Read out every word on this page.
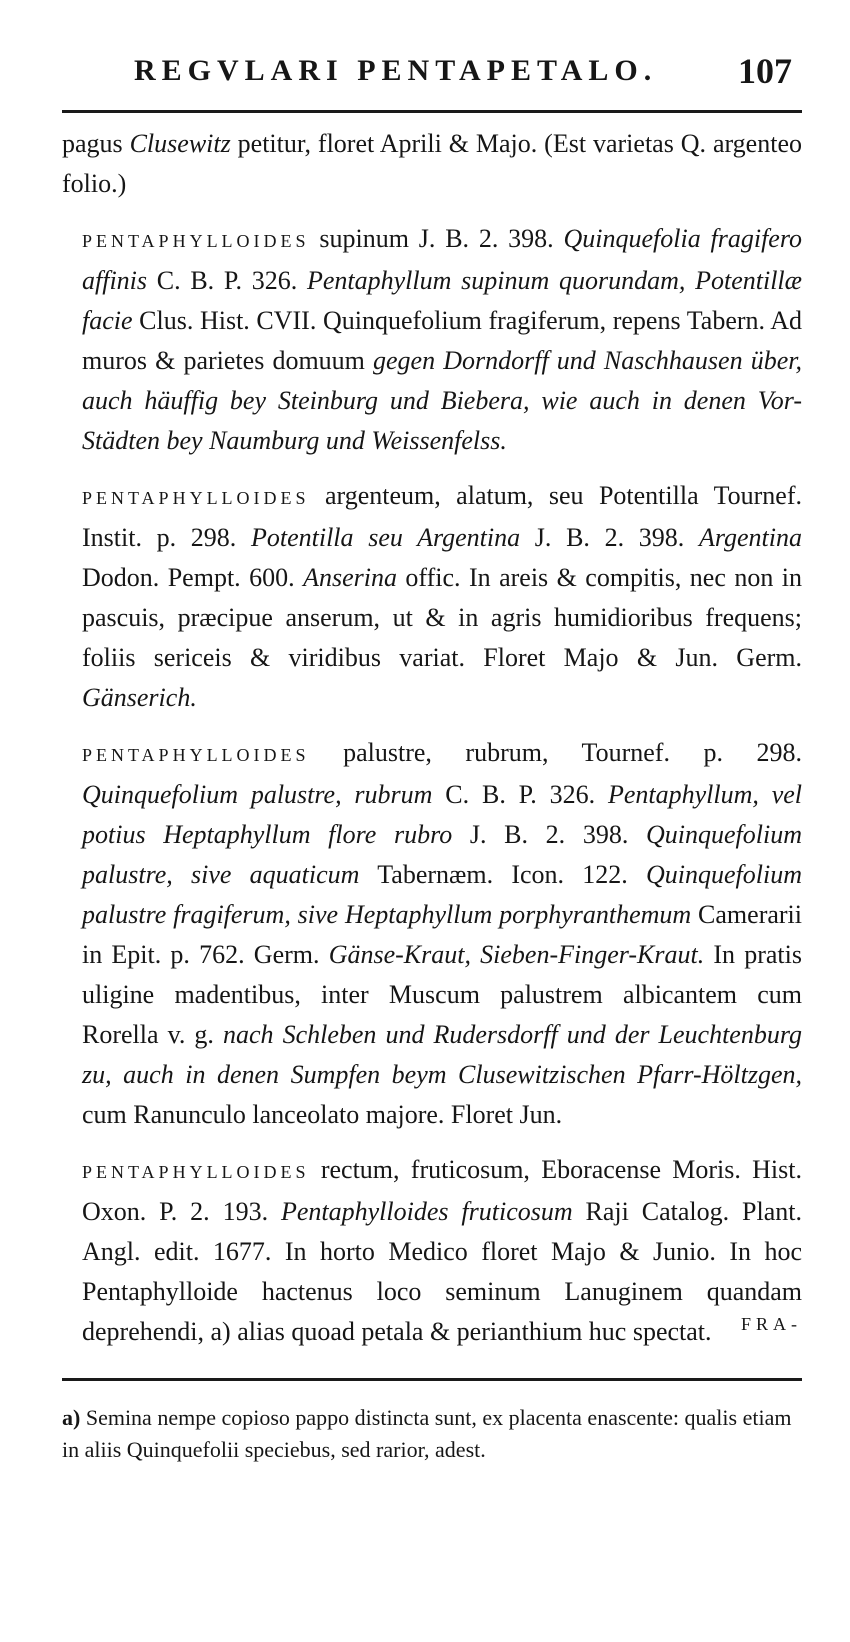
REGVLARI PENTAPETALO. 107

pagus Clusewitz petitur, floret Aprili & Majo. (Est varietas Q. argenteo folio.)

PENTAPHYLLOIDES supinum J. B. 2. 398. Quinquefolia fragifero affinis C. B. P. 326. Pentaphyllum supinum quorundam, Potentillæ facie Clus. Hist. CVII. Quinquefolium fragiferum, repens Tabern. Ad muros & parietes domuum gegen Dorndorff und Naschhausen über, auch häuffig bey Steinburg und Biebera, wie auch in denen Vor-Städten bey Naumburg und Weissenfelss.

PENTAPHYLLOIDES argenteum, alatum, seu Potentilla Tournef. Instit. p. 298. Potentilla seu Argentina J. B. 2. 398. Argentina Dodon. Pempt. 600. Anserina offic. In areis & compitis, nec non in pascuis, præcipue anserum, ut & in agris humidioribus frequens; foliis sericeis & viridibus variat. Floret Majo & Jun. Germ. Gänserich.

PENTAPHYLLOIDES palustre, rubrum, Tournef. p. 298. Quinquefolium palustre, rubrum C. B. P. 326. Pentaphyllum, vel potius Heptaphyllum flore rubro J. B. 2. 398. Quinquefolium palustre, sive aquaticum Tabernæm. Icon. 122. Quinquefolium palustre fragiferum, sive Heptaphyllum porphyranthemum Camerarii in Epit. p. 762. Germ. Gänse-Kraut, Sieben-Finger-Kraut. In pratis uligine madentibus, inter Muscum palustrem albicantem cum Rorella v. g. nach Schleben und Rudersdorff und der Leuchtenburg zu, auch in denen Sumpfen beym Clusewitzischen Pfarr-Höltzgen, cum Ranunculo lanceolato majore. Floret Jun.

PENTAPHYLLOIDES rectum, fruticosum, Eboracense Moris. Hist. Oxon. P. 2. 193. Pentaphylloides fruticosum Raji Catalog. Plant. Angl. edit. 1677. In horto Medico floret Majo & Junio. In hoc Pentaphylloide hactenus loco seminum Lanuginem quandam deprehendi, a) alias quoad petala & perianthium huc spectat.	FRA-
a) Semina nempe copioso pappo distincta sunt, ex placenta enascente: qualis etiam in aliis Quinquefolii speciebus, sed rarior, adest.
